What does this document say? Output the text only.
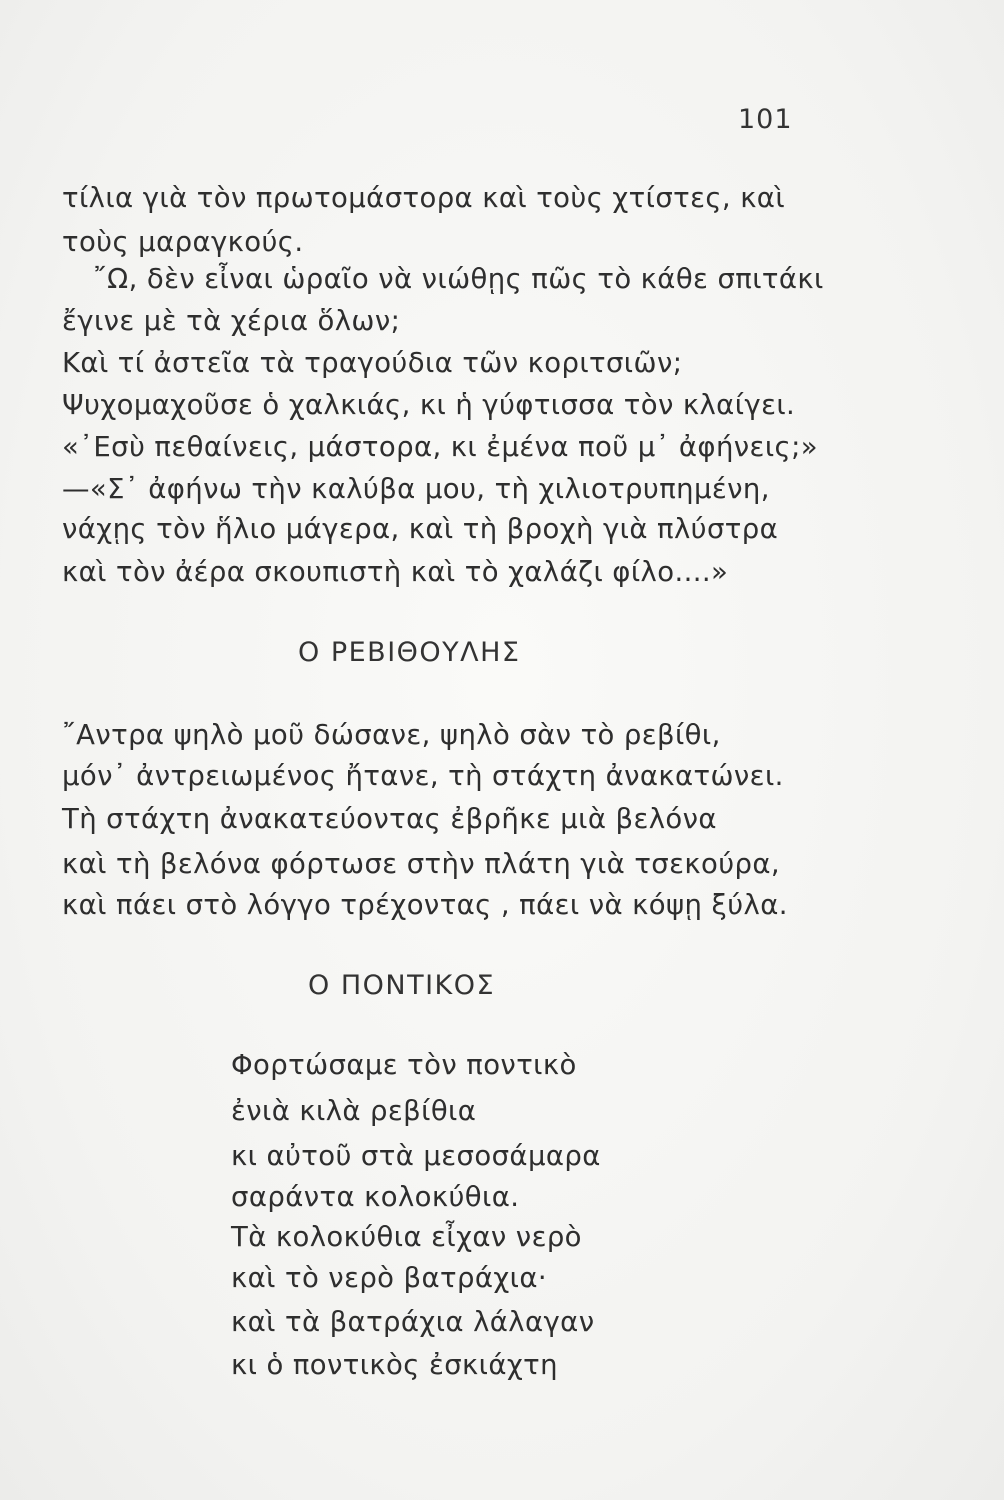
101
τίλια γιὰ τὸν πρωτομάστορα καὶ τοὺς χτίστες, καὶ
τοὺς μαραγκούς.
῎Ω, δὲν εἶναι ὡραῖο νὰ νιώθῃς πῶς τὸ κάθε σπιτάκι
ἔγινε μὲ τὰ χέρια ὅλων;
Καὶ τί ἀστεῖα τὰ τραγούδια τῶν κοριτσιῶν;
Ψυχομαχοῦσε ὁ χαλκιάς, κι ἡ γύφτισσα τὸν κλαίγει.
«᾿Εσὺ πεθαίνεις, μάστορα, κι ἐμένα ποῦ μ᾿ ἀφήνεις;»
—«Σ᾿ ἀφήνω τὴν καλύβα μου, τὴ χιλιοτρυπημένη,
νάχῃς τὸν ἥλιο μάγερα, καὶ τὴ βροχὴ γιὰ πλύστρα
καὶ τὸν ἀέρα σκουπιστὴ καὶ τὸ χαλάζι φίλο....»
Ο ΡΕΒΙΘΟΥΛΗΣ
῎Αντρα ψηλὸ μοῦ δώσανε, ψηλὸ σὰν τὸ ρεβίθι,
μόν᾿ ἀντρειωμένος ἤτανε, τὴ στάχτη ἀνακατώνει.
Τὴ στάχτη ἀνακατεύοντας ἐβρῆκε μιὰ βελόνα
καὶ τὴ βελόνα φόρτωσε στὴν πλάτη γιὰ τσεκούρα,
καὶ πάει στὸ λόγγο τρέχοντας , πάει νὰ κόψῃ ξύλα.
Ο ΠΟΝΤΙΚΟΣ
Φορτώσαμε τὸν ποντικὸ
ἐνιὰ κιλὰ ρεβίθια
κι αὐτοῦ στὰ μεσοσάμαρα
σαράντα κολοκύθια.
Τὰ κολοκύθια εἶχαν νερὸ
καὶ τὸ νερὸ βατράχια·
καὶ τὰ βατράχια λάλαγαν
κι ὁ ποντικὸς ἐσκιάχτη
